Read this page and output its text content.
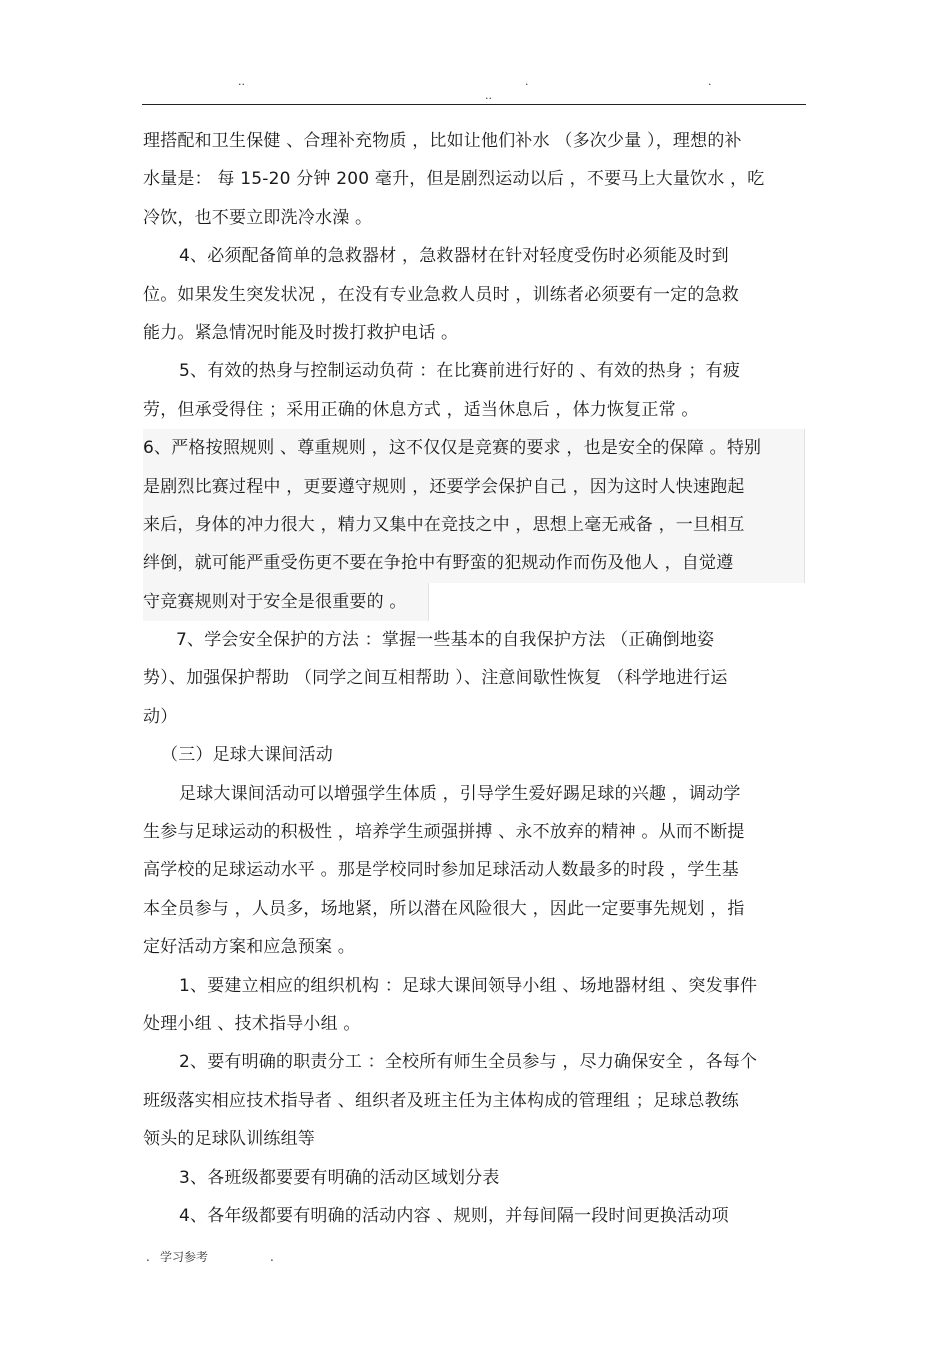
..	.	.
..
理搭配和卫生保健 、合理补充物质 ，比如让他们补水 （多次少量 ），理想的补
水量是： 每 15-20 分钟 200 毫升，但是剧烈运动以后 ，不要马上大量饮水 ，吃
冷饮，也不要立即洗冷水澡 。
4、必须配备简单的急救器材 ，急救器材在针对轻度受伤时必须能及时到
位。如果发生突发状况 ，在没有专业急救人员时 ，训练者必须要有一定的急救
能力。紧急情况时能及时拨打救护电话 。
5、有效的热身与控制运动负荷 ：在比赛前进行好的 、有效的热身 ；有疲
劳，但承受得住 ；采用正确的休息方式 ，适当休息后 ，体力恢复正常 。
6、严格按照规则 、尊重规则 ，这不仅仅是竞赛的要求 ，也是安全的保障 。特别
是剧烈比赛过程中 ，更要遵守规则 ，还要学会保护自己 ，因为这时人快速跑起
来后，身体的冲力很大 ，精力又集中在竞技之中 ，思想上毫无戒备 ，一旦相互
绊倒，就可能严重受伤更不要在争抢中有野蛮的犯规动作而伤及他人 ，自觉遵
守竞赛规则对于安全是很重要的 。
7、学会安全保护的方法 ：掌握一些基本的自我保护方法 （正确倒地姿
势）、加强保护帮助 （同学之间互相帮助 ）、注意间歇性恢复 （科学地进行运
动）
（三）足球大课间活动
足球大课间活动可以增强学生体质 ，引导学生爱好踢足球的兴趣 ，调动学
生参与足球运动的积极性 ，培养学生顽强拼搏 、永不放弃的精神 。从而不断提
高学校的足球运动水平 。那是学校同时参加足球活动人数最多的时段 ，学生基
本全员参与 ，人员多，场地紧，所以潜在风险很大 ，因此一定要事先规划 ，指
定好活动方案和应急预案 。
1、要建立相应的组织机构 ：足球大课间领导小组 、场地器材组 、突发事件
处理小组 、技术指导小组 。
2、要有明确的职责分工 ：全校所有师生全员参与 ，尽力确保安全 ，各每个
班级落实相应技术指导者 、组织者及班主任为主体构成的管理组 ；足球总教练
领头的足球队训练组等
3、各班级都要要有明确的活动区域划分表
4、各年级都要有明确的活动内容 、规则，并每间隔一段时间更换活动项
. 学习参考	.
